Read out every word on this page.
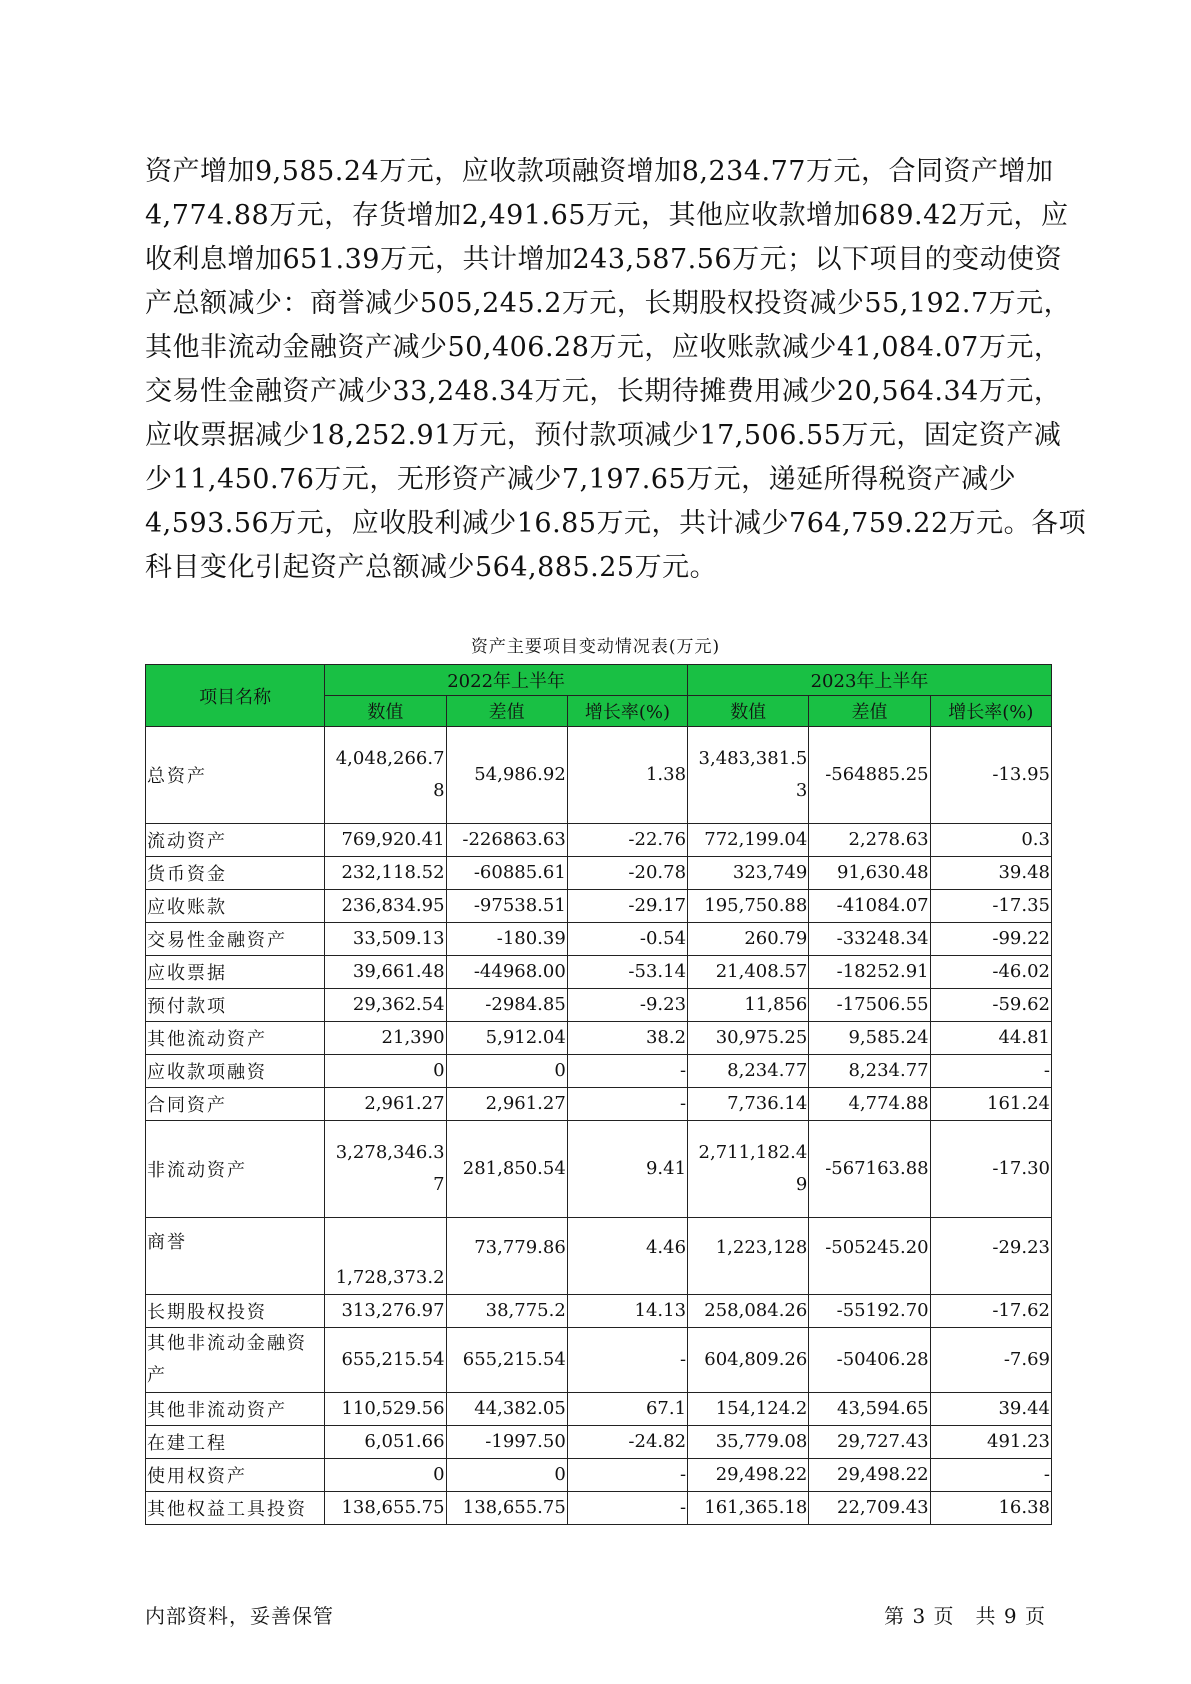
资产增加9,585.24万元，应收款项融资增加8,234.77万元，合同资产增加

4,774.88万元，存货增加2,491.65万元，其他应收款增加689.42万元，应

收利息增加651.39万元，共计增加243,587.56万元；以下项目的变动使资

产总额减少：商誉减少505,245.2万元，长期股权投资减少55,192.7万元，

其他非流动金融资产减少50,406.28万元，应收账款减少41,084.07万元，

交易性金融资产减少33,248.34万元，长期待摊费用减少20,564.34万元，

应收票据减少18,252.91万元，预付款项减少17,506.55万元，固定资产减

少11,450.76万元，无形资产减少7,197.65万元，递延所得税资产减少

4,593.56万元，应收股利减少16.85万元，共计减少764,759.22万元。各项

科目变化引起资产总额减少564,885.25万元。

资产主要项目变动情况表(万元)
项目名称	2022年上半年			2023年上半年		
	数值	差值	增长率(%)	数值	差值	增长率(%)
总资产	4,048,266.78	54,986.92	1.38	3,483,381.53	-564885.25	-13.95
流动资产	769,920.41	-226863.63	-22.76	772,199.04	2,278.63	0.3
货币资金	232,118.52	-60885.61	-20.78	323,749	91,630.48	39.48
应收账款	236,834.95	-97538.51	-29.17	195,750.88	-41084.07	-17.35
交易性金融资产	33,509.13	-180.39	-0.54	260.79	-33248.34	-99.22
应收票据	39,661.48	-44968.00	-53.14	21,408.57	-18252.91	-46.02
预付款项	29,362.54	-2984.85	-9.23	11,856	-17506.55	-59.62
其他流动资产	21,390	5,912.04	38.2	30,975.25	9,585.24	44.81
应收款项融资	0	0	-	8,234.77	8,234.77	-
合同资产	2,961.27	2,961.27	-	7,736.14	4,774.88	161.24
非流动资产	3,278,346.37	281,850.54	9.41	2,711,182.49	-567163.88	-17.30
商誉	1,728,373.2	73,779.86	4.46	1,223,128	-505245.20	-29.23
长期股权投资	313,276.97	38,775.2	14.13	258,084.26	-55192.70	-17.62
其他非流动金融资产	655,215.54	655,215.54	-	604,809.26	-50406.28	-7.69
其他非流动资产	110,529.56	44,382.05	67.1	154,124.2	43,594.65	39.44
在建工程	6,051.66	-1997.50	-24.82	35,779.08	29,727.43	491.23
使用权资产	0	0	-	29,498.22	29,498.22	-
其他权益工具投资	138,655.75	138,655.75	-	161,365.18	22,709.43	16.38
内部资料，妥善保管	第 3 页　共 9 页
